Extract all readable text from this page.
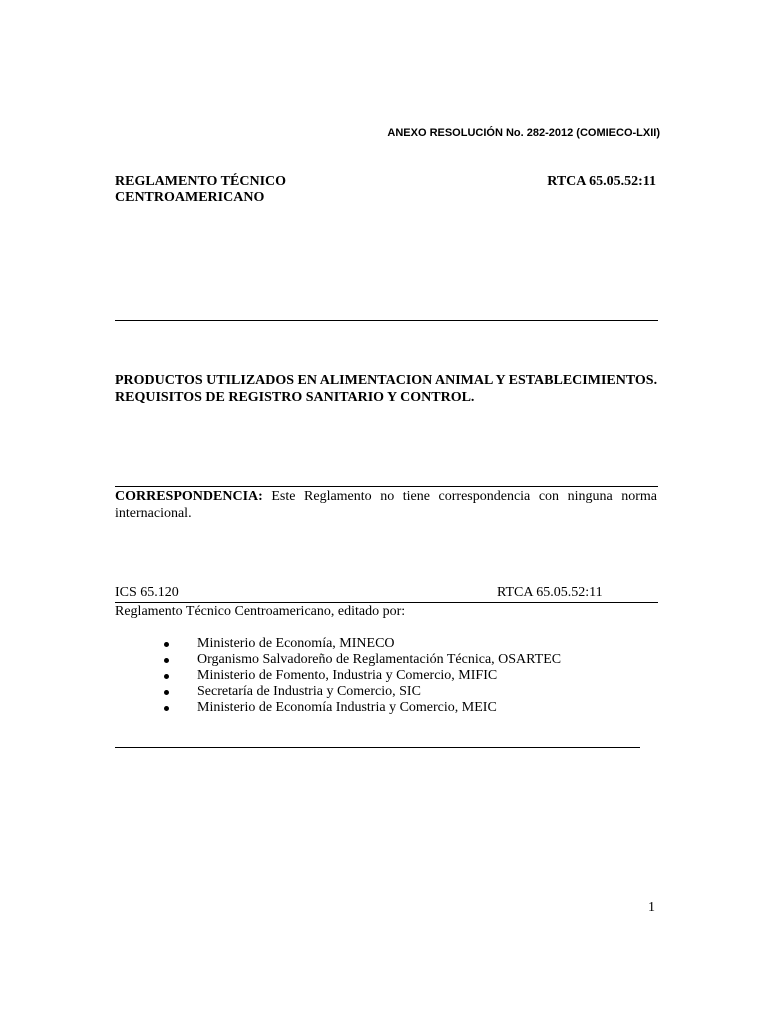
ANEXO RESOLUCIÓN No. 282-2012 (COMIECO-LXII)
REGLAMENTO TÉCNICO
CENTROAMERICANO
RTCA 65.05.52:11
PRODUCTOS UTILIZADOS EN ALIMENTACION ANIMAL Y ESTABLECIMIENTOS.
REQUISITOS DE REGISTRO SANITARIO Y CONTROL.
CORRESPONDENCIA: Este Reglamento no tiene correspondencia con ninguna norma internacional.
ICS 65.120	RTCA 65.05.52:11
Reglamento Técnico Centroamericano, editado por:
Ministerio de Economía, MINECO
Organismo Salvadoreño de Reglamentación Técnica, OSARTEC
Ministerio de Fomento, Industria y Comercio, MIFIC
Secretaría de Industria y Comercio, SIC
Ministerio de Economía Industria y Comercio, MEIC
1
